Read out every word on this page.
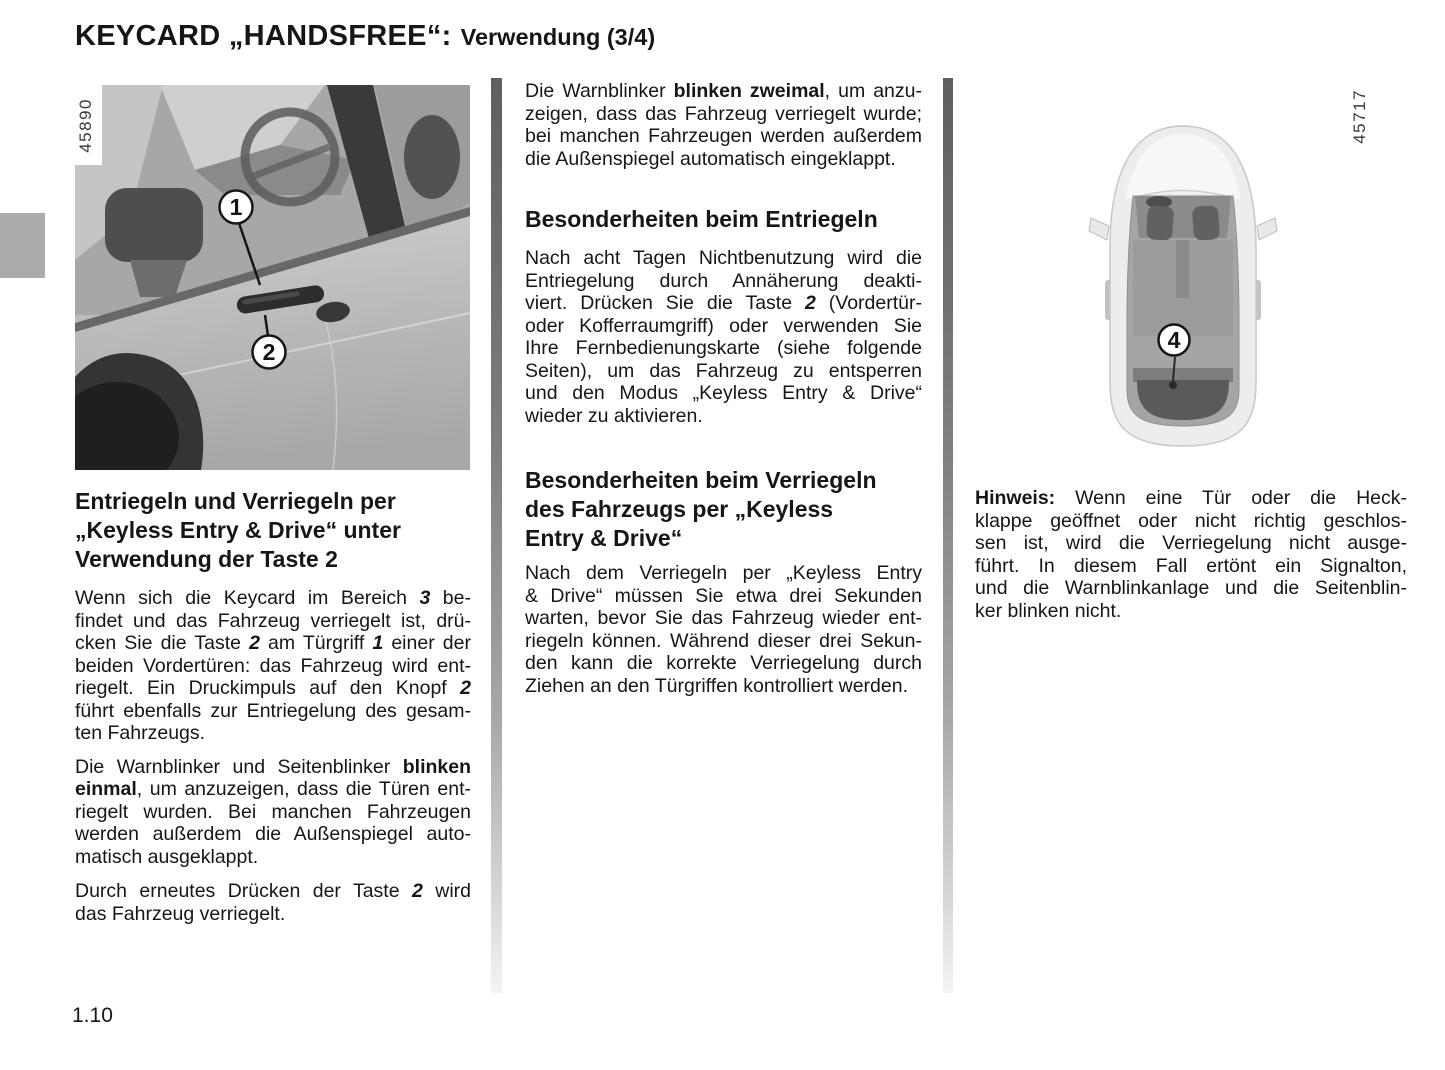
KEYCARD „HANDSFREE“: Verwendung (3/4)
1
2
45890
4
45717
Entriegeln und Verriegeln per
„Keyless Entry & Drive“ unter
Verwendung der Taste 2
Wenn sich die Keycard im Bereich 3 be-
findet und das Fahrzeug verriegelt ist, drü-
cken Sie die Taste 2 am Türgriff 1 einer der
beiden Vordertüren: das Fahrzeug wird ent-
riegelt. Ein Druckimpuls auf den Knopf 2
führt ebenfalls zur Entriegelung des gesam-
ten Fahrzeugs.
Die Warnblinker und Seitenblinker blinken
einmal, um anzuzeigen, dass die Türen ent-
riegelt wurden. Bei manchen Fahrzeugen
werden außerdem die Außenspiegel auto-
matisch ausgeklappt.
Durch erneutes Drücken der Taste 2 wird
das Fahrzeug verriegelt.
Die Warnblinker blinken zweimal, um anzu-
zeigen, dass das Fahrzeug verriegelt wurde;
bei manchen Fahrzeugen werden außerdem
die Außenspiegel automatisch eingeklappt.
Besonderheiten beim Entriegeln
Nach acht Tagen Nichtbenutzung wird die
Entriegelung durch Annäherung deakti-
viert. Drücken Sie die Taste 2 (Vordertür-
oder Kofferraumgriff) oder verwenden Sie
Ihre Fernbedienungskarte (siehe folgende
Seiten), um das Fahrzeug zu entsperren
und den Modus „Keyless Entry & Drive“
wieder zu aktivieren.
Besonderheiten beim Verriegeln
des Fahrzeugs per „Keyless
Entry & Drive“
Nach dem Verriegeln per „Keyless Entry
& Drive“ müssen Sie etwa drei Sekunden
warten, bevor Sie das Fahrzeug wieder ent-
riegeln können. Während dieser drei Sekun-
den kann die korrekte Verriegelung durch
Ziehen an den Türgriffen kontrolliert werden.
Hinweis: Wenn eine Tür oder die Heck-
klappe geöffnet oder nicht richtig geschlos-
sen ist, wird die Verriegelung nicht ausge-
führt. In diesem Fall ertönt ein Signalton,
und die Warnblinkanlage und die Seitenblin-
ker blinken nicht.
1.10
